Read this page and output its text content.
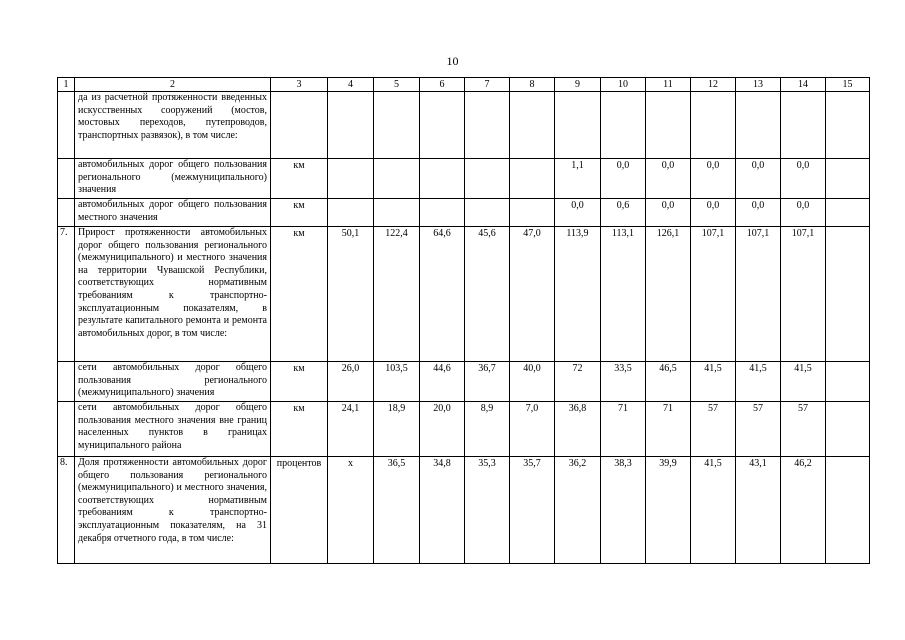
10
1	2	3	4	5	6	7	8	9	10	11	12	13	14	15
	да из расчетной протяженности введенных искусственных сооружений (мостов, мостовых переходов, путепроводов, транспортных развязок), в том числе:													
	автомобильных дорог общего пользования регионального (межмуниципального) значения	км						1,1	0,0	0,0	0,0	0,0	0,0	
	автомобильных дорог общего пользования местного значения	км						0,0	0,6	0,0	0,0	0,0	0,0	
7.	Прирост протяженности автомобильных дорог общего пользования регионального (межмуниципального) и местного значения на территории Чувашской Республики, соответствующих нормативным требованиям к транспортно-эксплуатационным показателям, в результате капитального ремонта и ремонта автомобильных дорог, в том числе:	км	50,1	122,4	64,6	45,6	47,0	113,9	113,1	126,1	107,1	107,1	107,1	
	сети автомобильных дорог общего пользования регионального (межмуниципального) значения	км	26,0	103,5	44,6	36,7	40,0	72	33,5	46,5	41,5	41,5	41,5	
	сети автомобильных дорог общего пользования местного значения вне границ населенных пунктов в границах муниципального района	км	24,1	18,9	20,0	8,9	7,0	36,8	71	71	57	57	57	
8.	Доля протяженности автомобильных дорог общего пользования регионального (межмуниципального) и местного значения, соответствующих нормативным требованиям к транспортно-эксплуатационным показателям, на 31 декабря отчетного года, в том числе:	процентов	х	36,5	34,8	35,3	35,7	36,2	38,3	39,9	41,5	43,1	46,2	
